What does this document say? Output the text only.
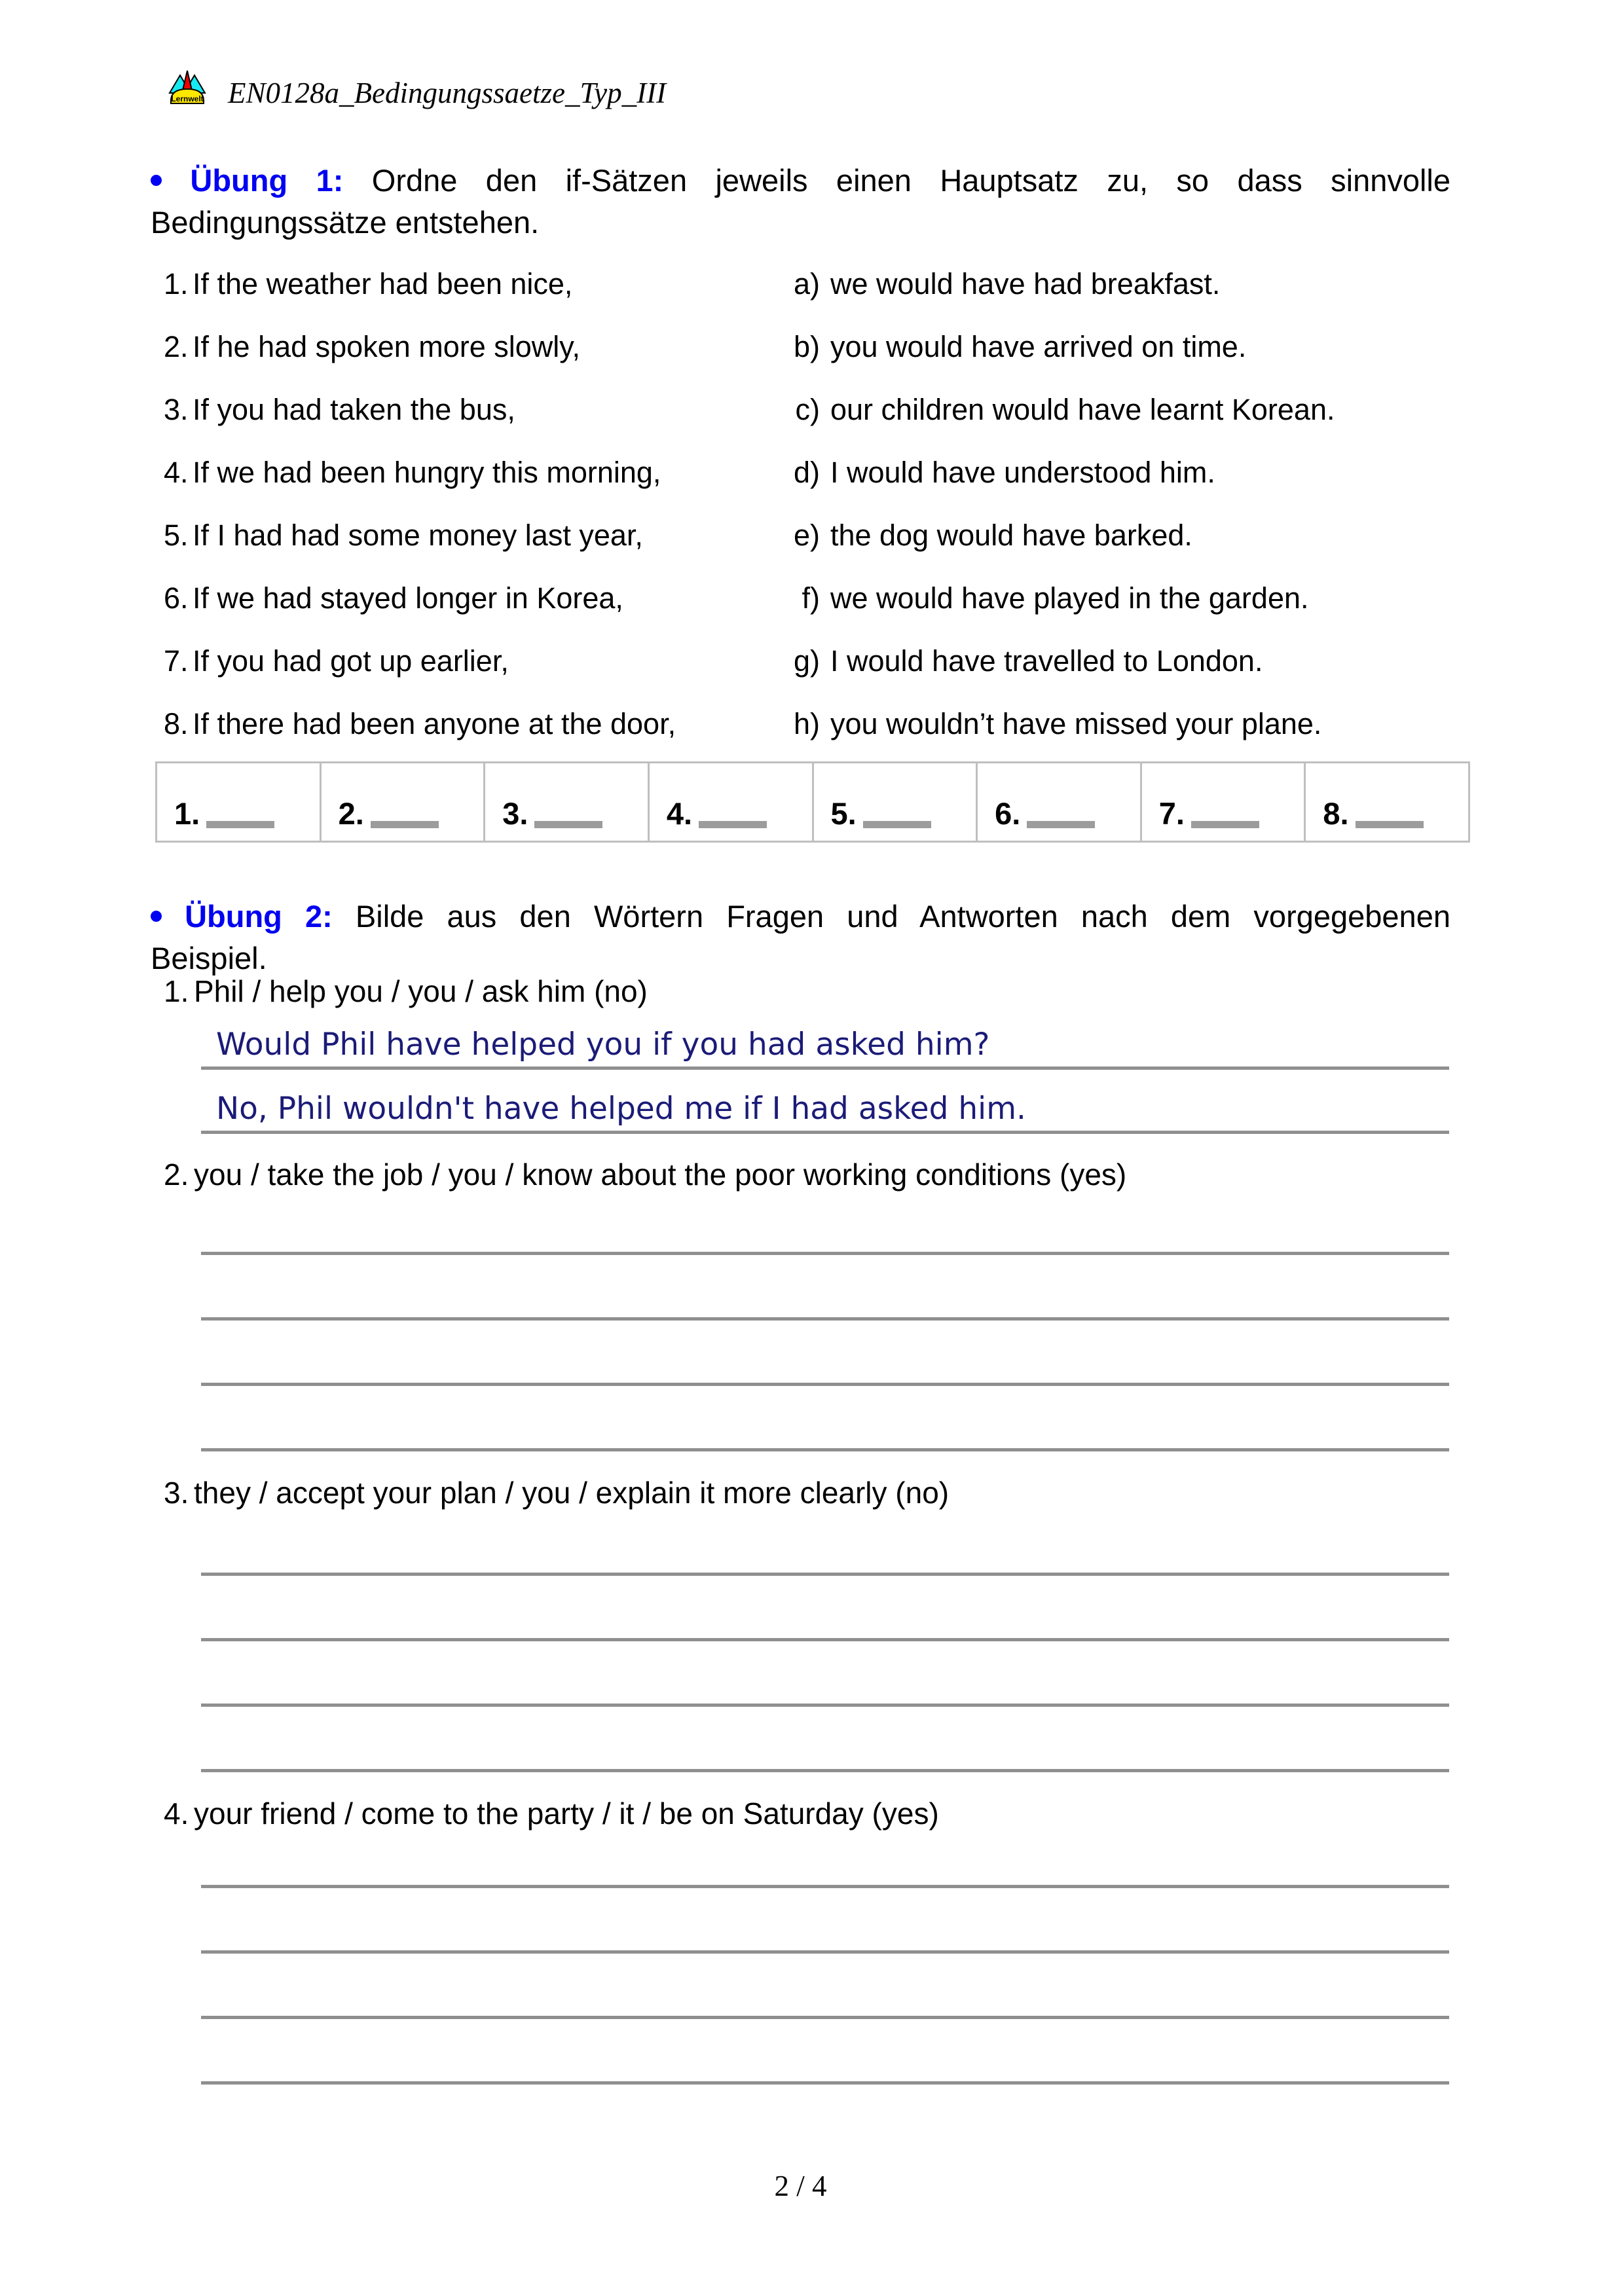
Lernwelt EN0128a_Bedingungssaetze_Typ_III
Übung 1: Ordne den if-Sätzen jeweils einen Hauptsatz zu, so dass sinnvolle
Bedingungssätze entstehen.
1. If the weather had been nice,	a) we would have had breakfast.
2. If he had spoken more slowly,	b) you would have arrived on time.
3. If you had taken the bus,	c) our children would have learnt Korean.
4. If we had been hungry this morning,	d) I would have understood him.
5. If I had had some money last year,	e) the dog would have barked.
6. If we had stayed longer in Korea,	f) we would have played in the garden.
7. If you had got up earlier,	g) I would have travelled to London.
8. If there had been anyone at the door,	h) you wouldn’t have missed your plane.
1.	2.	3.	4.	5.	6.	7.	8.
Übung 2: Bilde aus den Wörtern Fragen und Antworten nach dem vorgegebenen
Beispiel.
1. Phil / help you / you / ask him (no)
Would Phil have helped you if you had asked him?
No, Phil wouldn't have helped me if I had asked him.
2. you / take the job / you / know about the poor working conditions (yes)
3. they / accept your plan / you / explain it more clearly (no)
4. your friend / come to the party / it / be on Saturday (yes)
2 / 4
